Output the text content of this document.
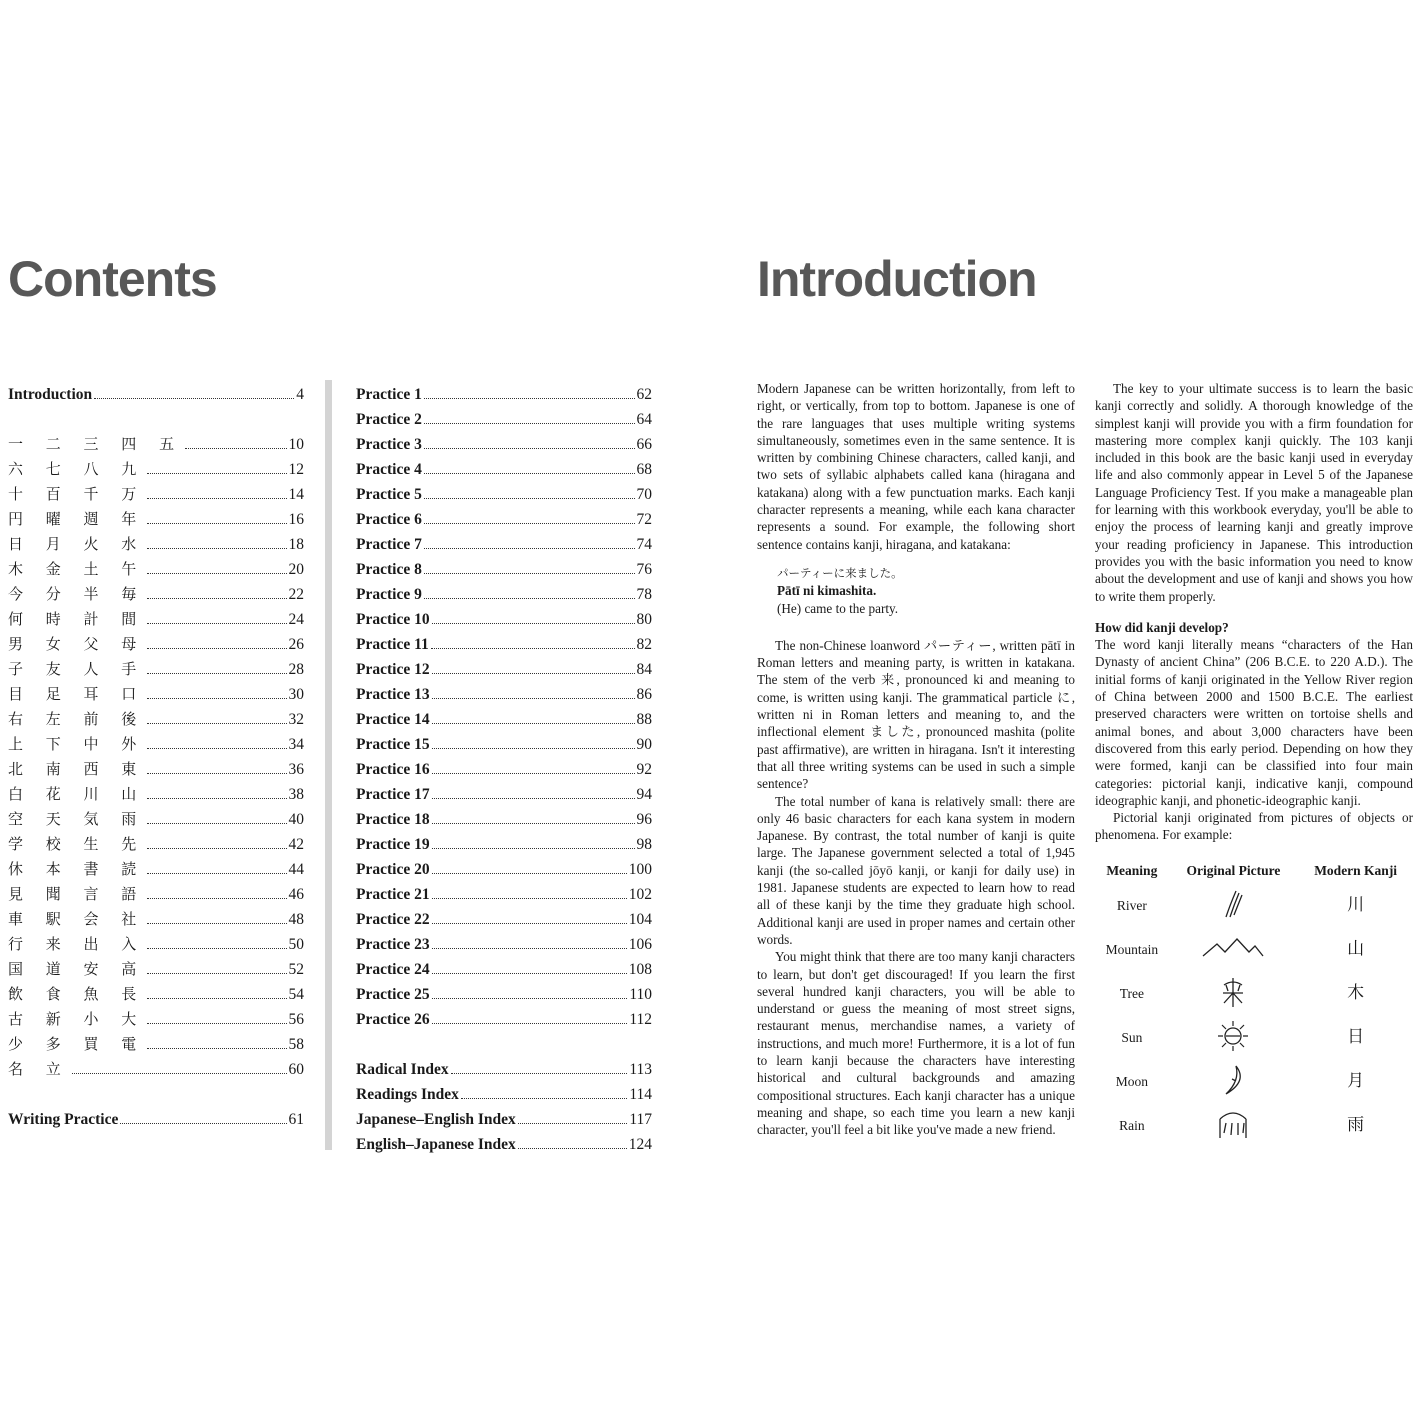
Contents	Introduction
Introduction	4
一 二 三 四 五	10
六 七 八 九	12
十 百 千 万	14
円 曜 週 年	16
日 月 火 水	18
木 金 土 午	20
今 分 半 毎	22
何 時 計 間	24
男 女 父 母	26
子 友 人 手	28
目 足 耳 口	30
右 左 前 後	32
上 下 中 外	34
北 南 西 東	36
白 花 川 山	38
空 天 気 雨	40
学 校 生 先	42
休 本 書 読	44
見 聞 言 語	46
車 駅 会 社	48
行 来 出 入	50
国 道 安 高	52
飲 食 魚 長	54
古 新 小 大	56
少 多 買 電	58
名 立	60
Writing Practice	61
Practice 1	62
Practice 2	64
Practice 3	66
Practice 4	68
Practice 5	70
Practice 6	72
Practice 7	74
Practice 8	76
Practice 9	78
Practice 10	80
Practice 11	82
Practice 12	84
Practice 13	86
Practice 14	88
Practice 15	90
Practice 16	92
Practice 17	94
Practice 18	96
Practice 19	98
Practice 20	100
Practice 21	102
Practice 22	104
Practice 23	106
Practice 24	108
Practice 25	110
Practice 26	112
Radical Index	113
Readings Index	114
Japanese–English Index	117
English–Japanese Index	124

Modern Japanese can be written horizontally, from left to right, or vertically, from top to bottom. Japanese is one of the rare languages that uses multiple writing systems simultaneously, sometimes even in the same sentence. It is written by combining Chinese characters, called kanji, and two sets of syllabic alphabets called kana (hiragana and katakana) along with a few punctuation marks. Each kanji character represents a meaning, while each kana character represents a sound. For example, the following short sentence contains kanji, hiragana, and katakana:

パーティーに来ました。
Pātī ni kimashita.
(He) came to the party.

The non-Chinese loanword パーティー, written pātī in Roman letters and meaning party, is written in katakana. The stem of the verb 来, pronounced ki and meaning to come, is written using kanji. The grammatical particle に, written ni in Roman letters and meaning to, and the inflectional element ました, pronounced mashita (polite past affirmative), are written in hiragana. Isn't it interesting that all three writing systems can be used in such a simple sentence?

The total number of kana is relatively small: there are only 46 basic characters for each kana system in modern Japanese. By contrast, the total number of kanji is quite large. The Japanese government selected a total of 1,945 kanji (the so-called jōyō kanji, or kanji for daily use) in 1981. Japanese students are expected to learn how to read all of these kanji by the time they graduate high school. Additional kanji are used in proper names and certain other words.

You might think that there are too many kanji characters to learn, but don't get discouraged! If you learn the first several hundred kanji characters, you will be able to understand or guess the meaning of most street signs, restaurant menus, merchandise names, a variety of instructions, and much more! Furthermore, it is a lot of fun to learn kanji because the characters have interesting historical and cultural backgrounds and amazing compositional structures. Each kanji character has a unique meaning and shape, so each time you learn a new kanji character, you'll feel a bit like you've made a new friend.

The key to your ultimate success is to learn the basic kanji correctly and solidly. A thorough knowledge of the simplest kanji will provide you with a firm foundation for mastering more complex kanji quickly. The 103 kanji included in this book are the basic kanji used in everyday life and also commonly appear in Level 5 of the Japanese Language Proficiency Test. If you make a manageable plan for learning with this workbook everyday, you'll be able to enjoy the process of learning kanji and greatly improve your reading proficiency in Japanese. This introduction provides you with the basic information you need to know about the development and use of kanji and shows you how to write them properly.

How did kanji develop?

The word kanji literally means “characters of the Han Dynasty of ancient China” (206 B.C.E. to 220 A.D.). The initial forms of kanji originated in the Yellow River region of China between 2000 and 1500 B.C.E. The earliest preserved characters were written on tortoise shells and animal bones, and about 3,000 characters have been discovered from this early period. Depending on how they were formed, kanji can be classified into four main categories: pictorial kanji, indicative kanji, compound ideographic kanji, and phonetic-ideographic kanji.

Pictorial kanji originated from pictures of objects or phenomena. For example:

Meaning	Original Picture	Modern Kanji
River		川
Mountain		山
Tree		木
Sun		日
Moon		月
Rain		雨
